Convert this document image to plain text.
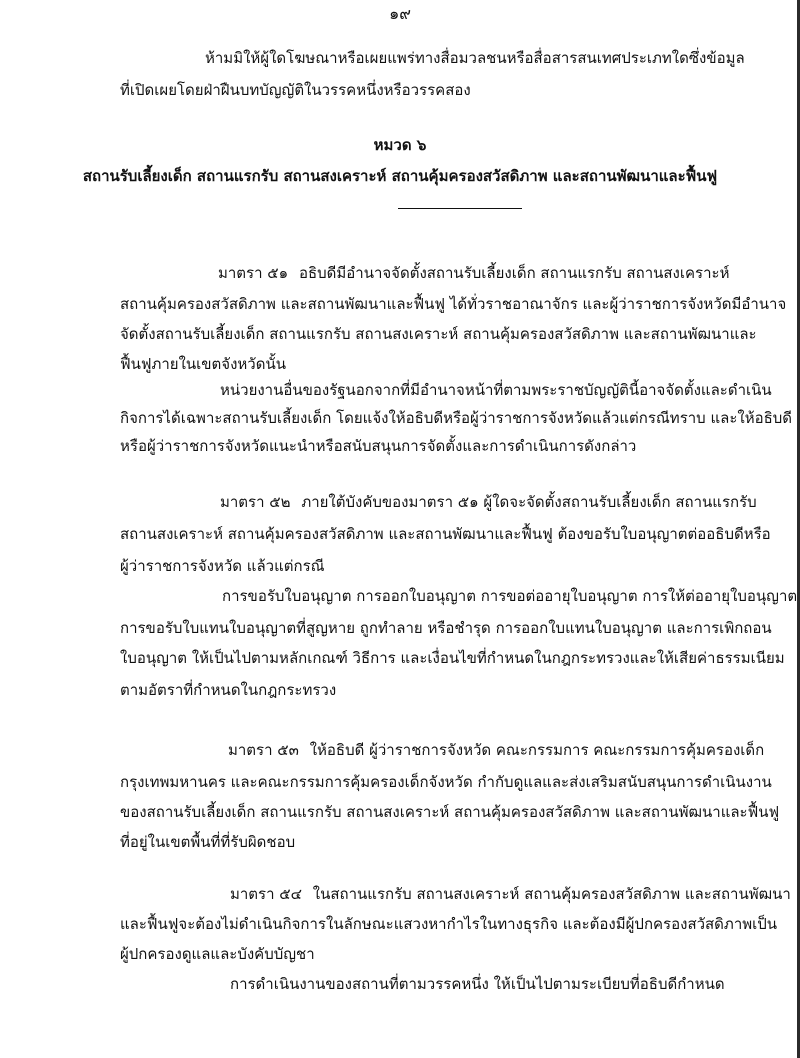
๑๙
ห้ามมิให้ผู้ใดโฆษณาหรือเผยแพร่ทางสื่อมวลชนหรือสื่อสารสนเทศประเภทใดซึ่งข้อมูล
ที่เปิดเผยโดยฝ่าฝืนบทบัญญัติในวรรคหนึ่งหรือวรรคสอง
หมวด ๖
สถานรับเลี้ยงเด็ก สถานแรกรับ สถานสงเคราะห์ สถานคุ้มครองสวัสดิภาพ และสถานพัฒนาและฟื้นฟู
มาตรา ๕๑ อธิบดีมีอำนาจจัดตั้งสถานรับเลี้ยงเด็ก สถานแรกรับ สถานสงเคราะห์
สถานคุ้มครองสวัสดิภาพ และสถานพัฒนาและฟื้นฟู ได้ทั่วราชอาณาจักร และผู้ว่าราชการจังหวัดมีอำนาจ
จัดตั้งสถานรับเลี้ยงเด็ก สถานแรกรับ สถานสงเคราะห์ สถานคุ้มครองสวัสดิภาพ และสถานพัฒนาและ
ฟื้นฟูภายในเขตจังหวัดนั้น
หน่วยงานอื่นของรัฐนอกจากที่มีอำนาจหน้าที่ตามพระราชบัญญัตินี้อาจจัดตั้งและดำเนิน
กิจการได้เฉพาะสถานรับเลี้ยงเด็ก โดยแจ้งให้อธิบดีหรือผู้ว่าราชการจังหวัดแล้วแต่กรณีทราบ และให้อธิบดี
หรือผู้ว่าราชการจังหวัดแนะนำหรือสนับสนุนการจัดตั้งและการดำเนินการดังกล่าว
มาตรา ๕๒ ภายใต้บังคับของมาตรา ๕๑ ผู้ใดจะจัดตั้งสถานรับเลี้ยงเด็ก สถานแรกรับ
สถานสงเคราะห์ สถานคุ้มครองสวัสดิภาพ และสถานพัฒนาและฟื้นฟู ต้องขอรับใบอนุญาตต่ออธิบดีหรือ
ผู้ว่าราชการจังหวัด แล้วแต่กรณี
การขอรับใบอนุญาต การออกใบอนุญาต การขอต่ออายุใบอนุญาต การให้ต่ออายุใบอนุญาต
การขอรับใบแทนใบอนุญาตที่สูญหาย ถูกทำลาย หรือชำรุด การออกใบแทนใบอนุญาต และการเพิกถอน
ใบอนุญาต ให้เป็นไปตามหลักเกณฑ์ วิธีการ และเงื่อนไขที่กำหนดในกฎกระทรวงและให้เสียค่าธรรมเนียม
ตามอัตราที่กำหนดในกฎกระทรวง
มาตรา ๕๓ ให้อธิบดี ผู้ว่าราชการจังหวัด คณะกรรมการ คณะกรรมการคุ้มครองเด็ก
กรุงเทพมหานคร และคณะกรรมการคุ้มครองเด็กจังหวัด กำกับดูแลและส่งเสริมสนับสนุนการดำเนินงาน
ของสถานรับเลี้ยงเด็ก สถานแรกรับ สถานสงเคราะห์ สถานคุ้มครองสวัสดิภาพ และสถานพัฒนาและฟื้นฟู
ที่อยู่ในเขตพื้นที่ที่รับผิดชอบ
มาตรา ๕๔ ในสถานแรกรับ สถานสงเคราะห์ สถานคุ้มครองสวัสดิภาพ และสถานพัฒนา
และฟื้นฟูจะต้องไม่ดำเนินกิจการในลักษณะแสวงหากำไรในทางธุรกิจ และต้องมีผู้ปกครองสวัสดิภาพเป็น
ผู้ปกครองดูแลและบังคับบัญชา
การดำเนินงานของสถานที่ตามวรรคหนึ่ง ให้เป็นไปตามระเบียบที่อธิบดีกำหนด
